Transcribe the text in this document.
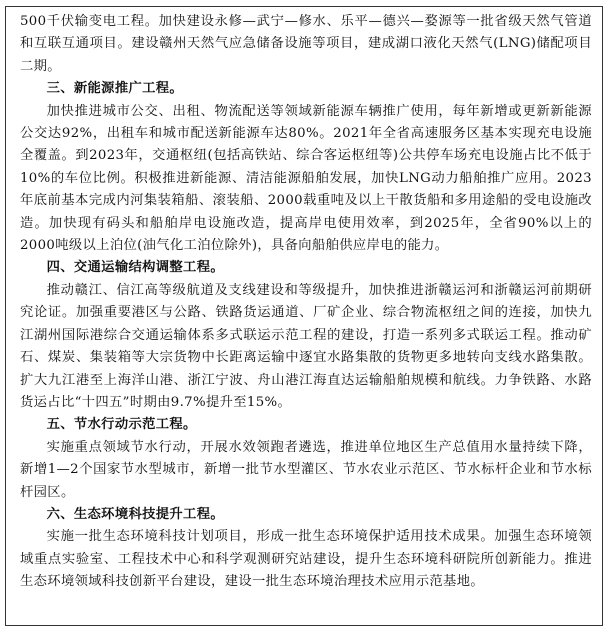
500千伏输变电工程。加快建设永修—武宁—修水、乐平—德兴—婺源等一批省级天然气管道和互联互通项目。建设赣州天然气应急储备设施等项目，建成湖口液化天然气(LNG)储配项目二期。

三、新能源推广工程。

加快推进城市公交、出租、物流配送等领域新能源车辆推广使用，每年新增或更新新能源公交达92%，出租车和城市配送新能源车达80%。2021年全省高速服务区基本实现充电设施全覆盖。到2023年，交通枢纽(包括高铁站、综合客运枢纽等)公共停车场充电设施占比不低于10%的车位比例。积极推进新能源、清洁能源船舶发展，加快LNG动力船舶推广应用。2023年底前基本完成内河集装箱船、滚装船、2000载重吨及以上干散货船和多用途船的受电设施改造。加快现有码头和船舶岸电设施改造，提高岸电使用效率，到2025年，全省90%以上的2000吨级以上泊位(油气化工泊位除外)，具备向船舶供应岸电的能力。

四、交通运输结构调整工程。

推动赣江、信江高等级航道及支线建设和等级提升，加快推进浙赣运河和浙赣运河前期研究论证。加强重要港区与公路、铁路货运通道、厂矿企业、综合物流枢纽之间的连接，加快九江湖州国际港综合交通运输体系多式联运示范工程的建设，打造一系列多式联运工程。推动矿石、煤炭、集装箱等大宗货物中长距离运输中逐宜水路集散的货物更多地转向支线水路集散。扩大九江港至上海洋山港、浙江宁波、舟山港江海直达运输船舶规模和航线。力争铁路、水路货运占比“十四五”时期由9.7%提升至15%。

五、节水行动示范工程。

实施重点领域节水行动，开展水效领跑者遴选，推进单位地区生产总值用水量持续下降，新增1—2个国家节水型城市，新增一批节水型灌区、节水农业示范区、节水标杆企业和节水标杆园区。

六、生态环境科技提升工程。

实施一批生态环境科技计划项目，形成一批生态环境保护适用技术成果。加强生态环境领域重点实验室、工程技术中心和科学观测研究站建设，提升生态环境科研院所创新能力。推进生态环境领域科技创新平台建设，建设一批生态环境治理技术应用示范基地。
